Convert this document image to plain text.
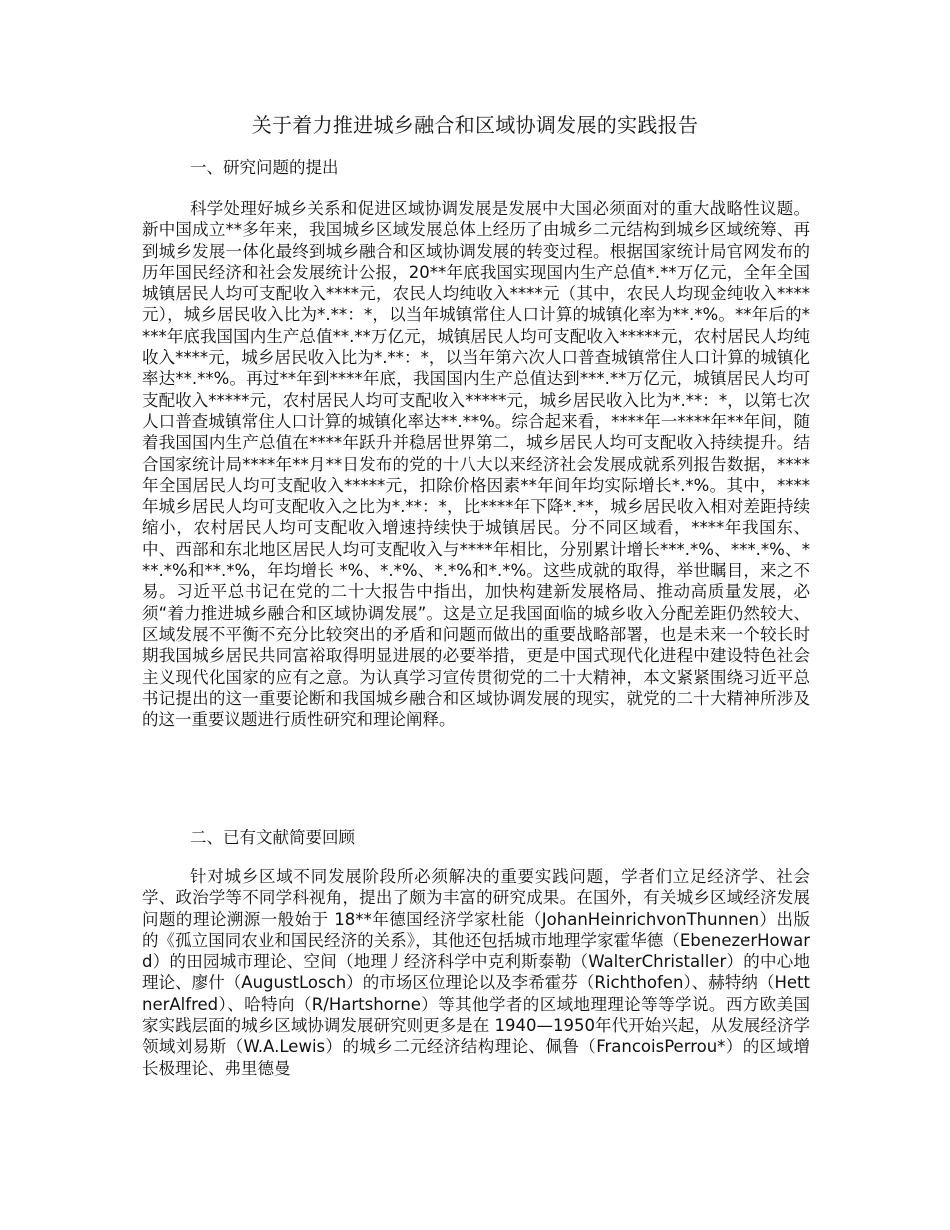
关于着力推进城乡融合和区域协调发展的实践报告
一、研究问题的提出
科学处理好城乡关系和促进区域协调发展是发展中大国必须面对的重大战略性议题。新中国成立**多年来，我国城乡区域发展总体上经历了由城乡二元结构到城乡区域统筹、再到城乡发展一体化最终到城乡融合和区域协调发展的转变过程。根据国家统计局官网发布的历年国民经济和社会发展统计公报，20**年底我国实现国内生产总值*.**万亿元，全年全国城镇居民人均可支配收入****元，农民人均纯收入****元（其中，农民人均现金纯收入****元），城乡居民收入比为*.**：*，以当年城镇常住人口计算的城镇化率为**.*%。**年后的****年底我国国内生产总值**.**万亿元，城镇居民人均可支配收入*****元，农村居民人均纯收入****元，城乡居民收入比为*.**：*，以当年第六次人口普查城镇常住人口计算的城镇化率达**.**%。再过**年到****年底，我国国内生产总值达到***.**万亿元，城镇居民人均可支配收入*****元，农村居民人均可支配收入*****元，城乡居民收入比为*.**：*，以第七次人口普查城镇常住人口计算的城镇化率达**.**%。综合起来看，****年一****年**年间，随着我国国内生产总值在****年跃升并稳居世界第二，城乡居民人均可支配收入持续提升。结合国家统计局****年**月**日发布的党的十八大以来经济社会发展成就系列报告数据，****年全国居民人均可支配收入*****元，扣除价格因素**年间年均实际增长*.*%。其中，****年城乡居民人均可支配收入之比为*.**：*，比****年下降*.**，城乡居民收入相对差距持续缩小，农村居民人均可支配收入增速持续快于城镇居民。分不同区域看，****年我国东、中、西部和东北地区居民人均可支配收入与****年相比，分别累计增长***.*%、***.*%、***.*%和**.*%，年均增长 *%、*.*%、*.*%和*.*%。这些成就的取得，举世瞩目，来之不易。习近平总书记在党的二十大报告中指出，加快构建新发展格局、推动高质量发展，必须“着力推进城乡融合和区域协调发展”。这是立足我国面临的城乡收入分配差距仍然较大、区域发展不平衡不充分比较突出的矛盾和问题而做出的重要战略部署，也是未来一个较长时期我国城乡居民共同富裕取得明显进展的必要举措，更是中国式现代化进程中建设特色社会主义现代化国家的应有之意。为认真学习宣传贯彻党的二十大精神，本文紧紧围绕习近平总书记提出的这一重要论断和我国城乡融合和区域协调发展的现实，就党的二十大精神所涉及的这一重要议题进行质性研究和理论阐释。
二、已有文献简要回顾
针对城乡区域不同发展阶段所必须解决的重要实践问题，学者们立足经济学、社会学、政治学等不同学科视角，提出了颇为丰富的研究成果。在国外，有关城乡区域经济发展问题的理论溯源一般始于 18**年德国经济学家杜能（JohanHeinrichvonThunnen）出版的《孤立国同农业和国民经济的关系》，其他还包括城市地理学家霍华德（EbenezerHoward）的田园城市理论、空间（地理丿经济科学中克利斯泰勒（WalterChristaller）的中心地理论、廖什（AugustLosch）的市场区位理论以及李希霍芬（Richthofen）、赫特纳（HettnerAlfred）、哈特向（R/Hartshorne）等其他学者的区域地理理论等等学说。西方欧美国家实践层面的城乡区域协调发展研究则更多是在 1940—1950年代开始兴起，从发展经济学领域刘易斯（W.A.Lewis）的城乡二元经济结构理论、佩鲁（FrancoisPerrou*）的区域增长极理论、弗里德曼
